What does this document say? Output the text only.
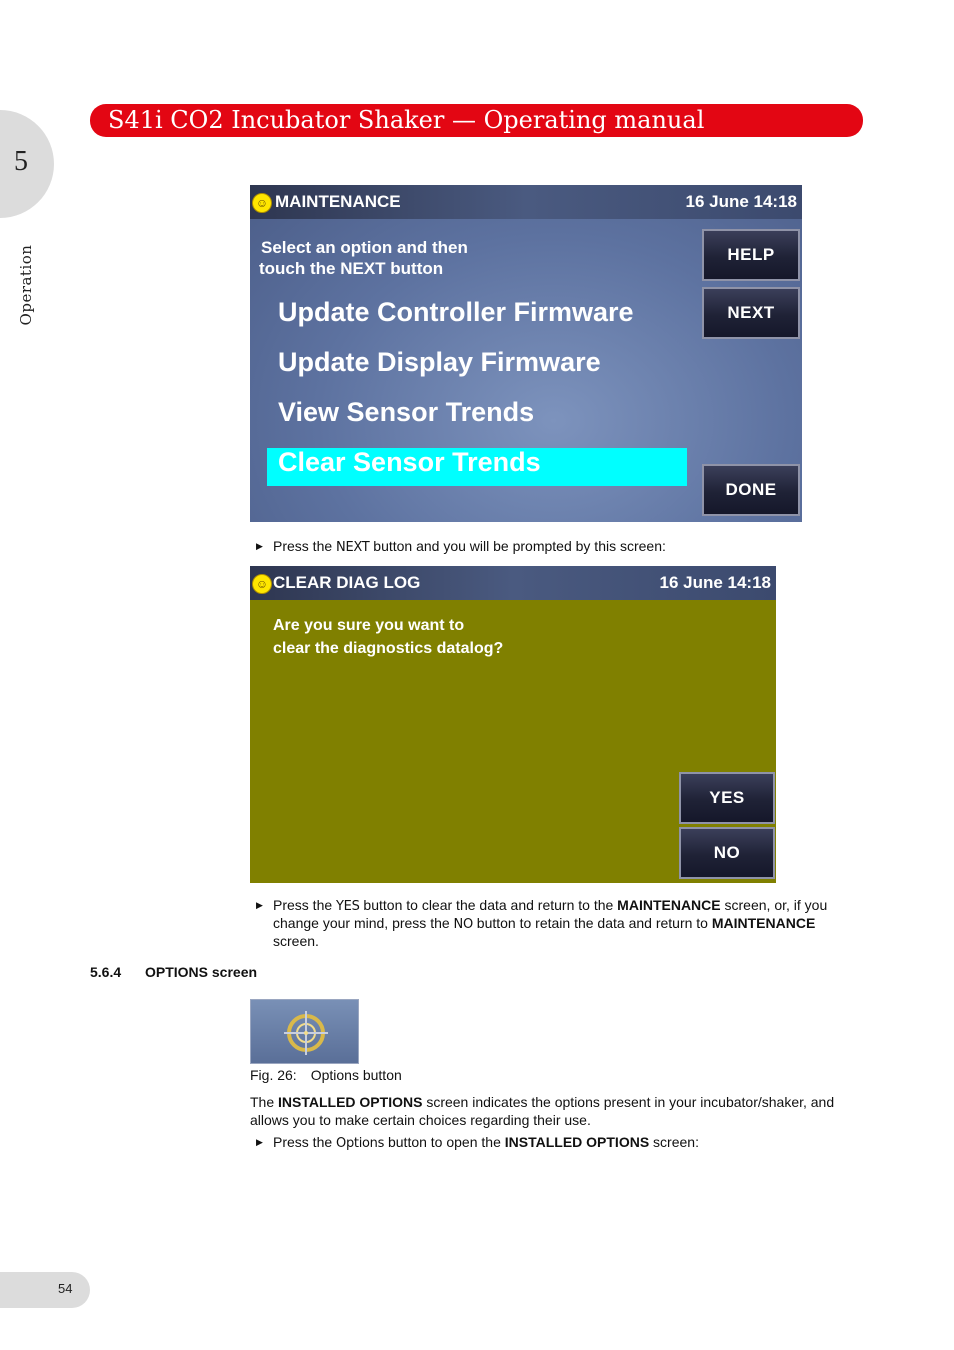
5
Operation
S41i CO2 Incubator Shaker — Operating manual
☺ MAINTENANCE	16 June 14:18
Select an option and then
touch the NEXT button
Update Controller Firmware
Update Display Firmware
View Sensor Trends
Clear Sensor Trends
HELP
NEXT
DONE
▶ Press the NEXT button and you will be prompted by this screen:
☺ CLEAR DIAG LOG	16 June 14:18
Are you sure you want to
clear the diagnostics datalog?
YES
NO
▶ Press the YES button to clear the data and return to the MAINTENANCE screen, or, if you
change your mind, press the NO button to retain the data and return to MAINTENANCE
screen.
5.6.4 OPTIONS screen
Fig. 26: Options button
The INSTALLED OPTIONS screen indicates the options present in your incubator/shaker, and
allows you to make certain choices regarding their use.
▶ Press the Options button to open the INSTALLED OPTIONS screen:
54
